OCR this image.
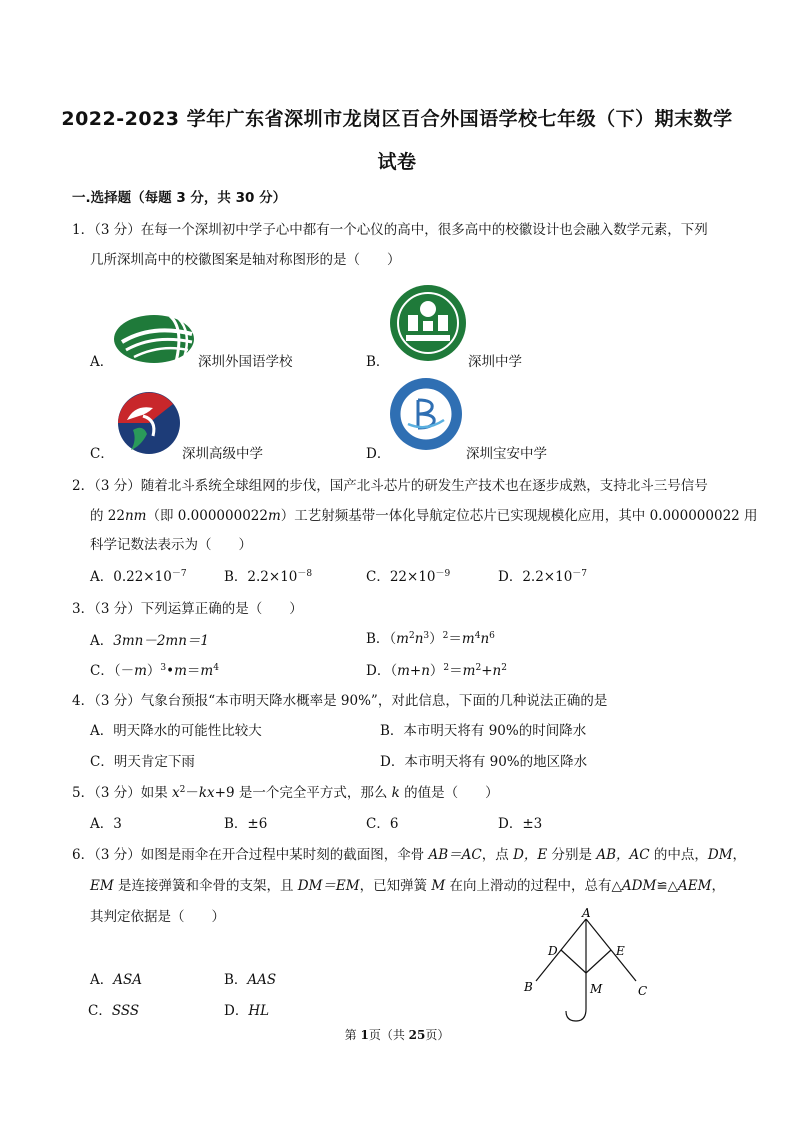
2022-2023 学年广东省深圳市龙岗区百合外国语学校七年级（下）期末数学
试卷
一.选择题（每题 3 分，共 30 分）
1．（3 分）在每一个深圳初中学子心中都有一个心仪的高中，很多高中的校徽设计也会融入数学元素，下列
几所深圳高中的校徽图案是轴对称图形的是（　　）
A．	深圳外国语学校	B．	深圳中学
C．	深圳高级中学	D．	深圳宝安中学
2．（3 分）随着北斗系统全球组网的步伐，国产北斗芯片的研发生产技术也在逐步成熟，支持北斗三号信号
的 22nm（即 0.000000022m）工艺射频基带一体化导航定位芯片已实现规模化应用，其中 0.000000022 用
科学记数法表示为（　　）
A．$0.22\times 10^{-7}$	B．$2.2\times 10^{-8}$	C．$22\times 10^{-9}$	D．$2.2\times 10^{-7}$
3．（3 分）下列运算正确的是（　　）
A．3mn－2mn＝1	B．$(m^2n^3)^2=m^4n^6$
C．$(-m)^3•m=m^4$	D．$(m+n)^2=m^2+n^2$
4．（3 分）气象台预报“本市明天降水概率是 90%”，对此信息，下面的几种说法正确的是
A．明天降水的可能性比较大	B．本市明天将有 90%的时间降水
C．明天肯定下雨	D．本市明天将有 90%的地区降水
5．（3 分）如果 $x^2-kx+9$ 是一个完全平方式，那么 k 的值是（　　）
A．3	B．±6	C．6	D．±3
6．（3 分）如图是雨伞在开合过程中某时刻的截面图，伞骨 AB＝AC，点 D，E 分别是 AB，AC 的中点，DM，
EM 是连接弹簧和伞骨的支架，且 DM＝EM，已知弹簧 M 在向上滑动的过程中，总有△ADM≌△AEM，
其判定依据是（　　）
A．ASA	B．AAS
C．SSS	D．HL
A
B	C
D	E
M
第 1页（共 25页）
